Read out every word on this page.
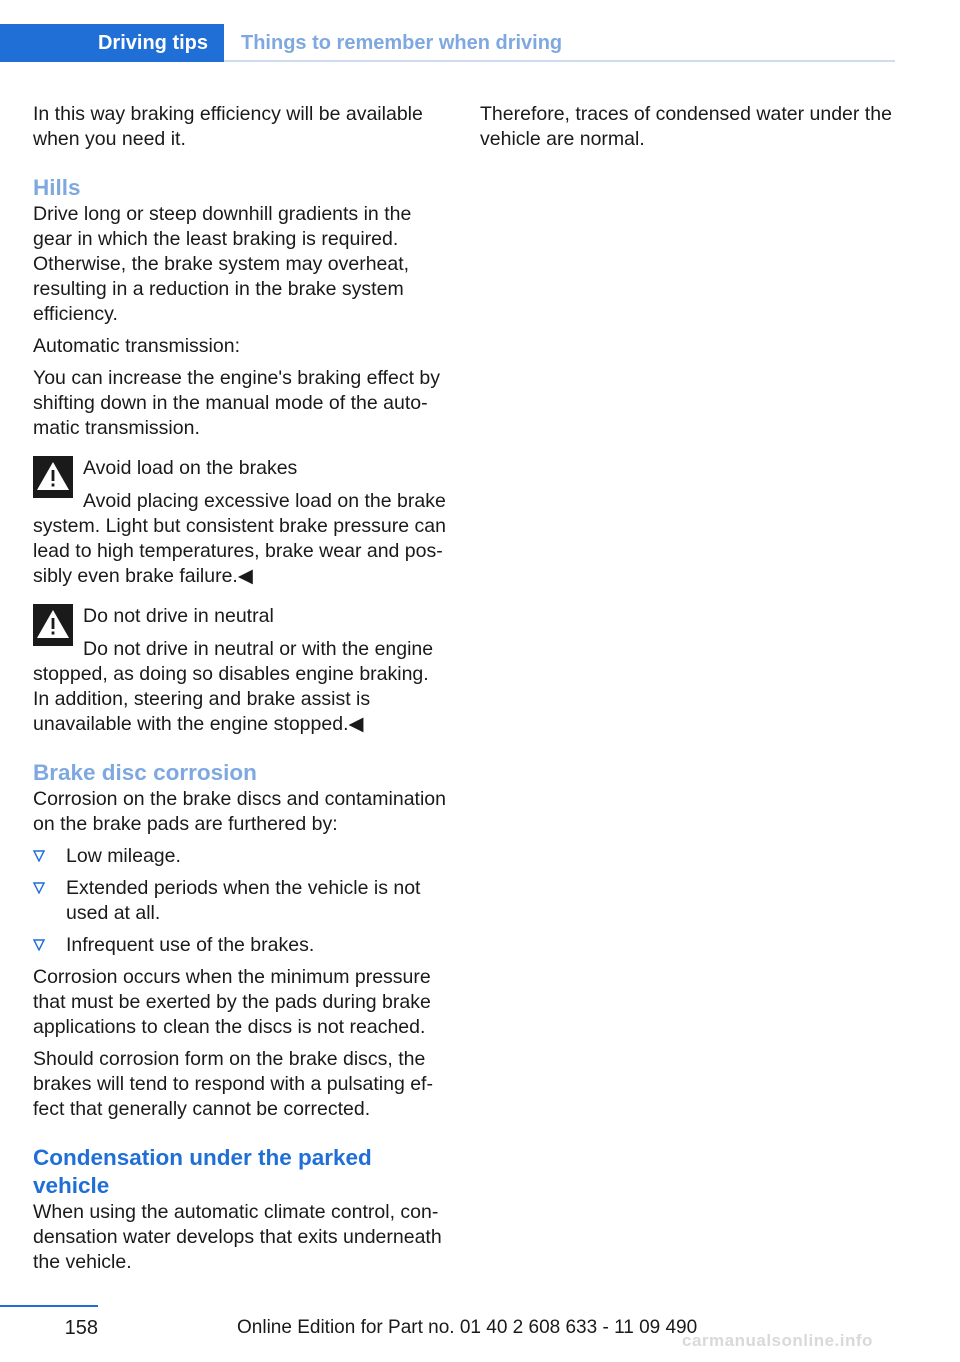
Driving tips	Things to remember when driving

In this way braking efficiency will be available when you need it.

Hills

Drive long or steep downhill gradients in the gear in which the least braking is required. Otherwise, the brake system may overheat, resulting in a reduction in the brake system efficiency.

Automatic transmission:

You can increase the engine's braking effect by shifting down in the manual mode of the auto‐matic transmission.

Avoid load on the brakes
Avoid placing excessive load on the brake system. Light but consistent brake pressure can lead to high temperatures, brake wear and pos‐sibly even brake failure.◀
Do not drive in neutral
Do not drive in neutral or with the engine stopped, as doing so disables engine braking. In addition, steering and brake assist is unavailable with the engine stopped.◀
Brake disc corrosion

Corrosion on the brake discs and contamination on the brake pads are furthered by:

Low mileage.
Extended periods when the vehicle is not used at all.
Infrequent use of the brakes.

Corrosion occurs when the minimum pressure that must be exerted by the pads during brake applications to clean the discs is not reached.

Should corrosion form on the brake discs, the brakes will tend to respond with a pulsating ef‐fect that generally cannot be corrected.

Condensation under the parked vehicle

When using the automatic climate control, con‐densation water develops that exits underneath the vehicle.

Therefore, traces of condensed water under the vehicle are normal.

158	Online Edition for Part no. 01 40 2 608 633 - 11 09 490
carmanualsonline.info
